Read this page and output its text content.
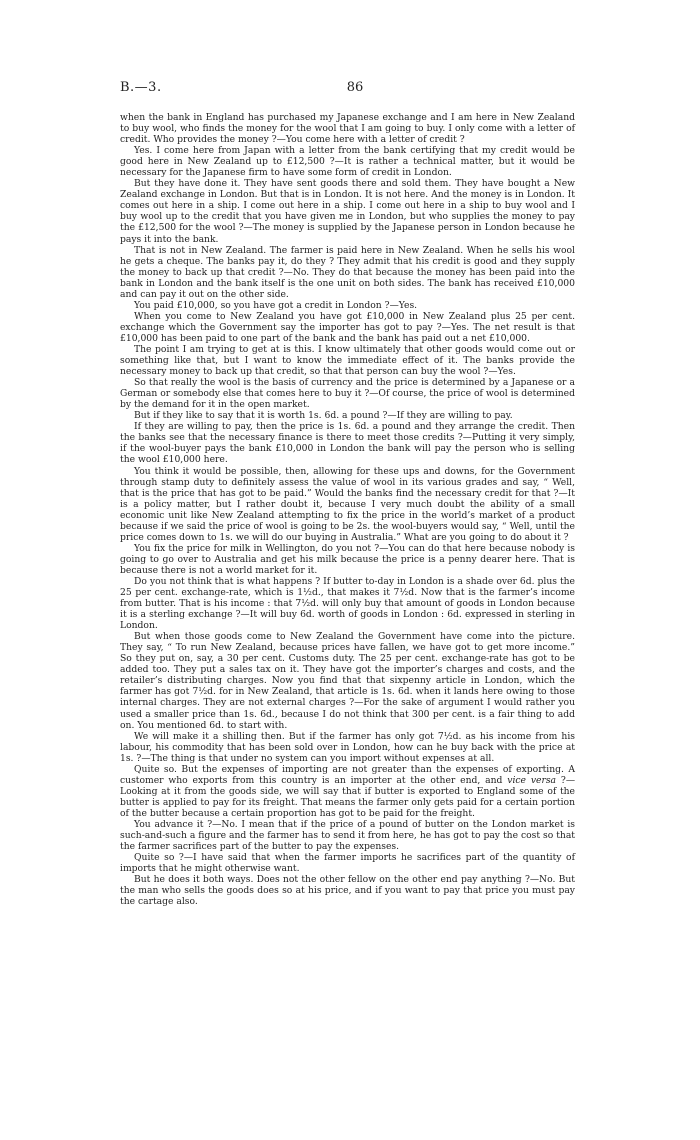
B.—3.	86

when the bank in England has purchased my Japanese exchange and I am here in New Zealand to buy wool, who finds the money for the wool that I am going to buy. I only come with a letter of credit. Who provides the money ?—You come here with a letter of credit ?

Yes. I come here from Japan with a letter from the bank certifying that my credit would be good here in New Zealand up to £12,500 ?—It is rather a technical matter, but it would be necessary for the Japanese firm to have some form of credit in London.

But they have done it. They have sent goods there and sold them. They have bought a New Zealand exchange in London. But that is in London. It is not here. And the money is in London. It comes out here in a ship. I come out here in a ship. I come out here in a ship to buy wool and I buy wool up to the credit that you have given me in London, but who supplies the money to pay the £12,500 for the wool ?—The money is supplied by the Japanese person in London because he pays it into the bank.

That is not in New Zealand. The farmer is paid here in New Zealand. When he sells his wool he gets a cheque. The banks pay it, do they ? They admit that his credit is good and they supply the money to back up that credit ?—No. They do that because the money has been paid into the bank in London and the bank itself is the one unit on both sides. The bank has received £10,000 and can pay it out on the other side.

You paid £10,000, so you have got a credit in London ?—Yes.

When you come to New Zealand you have got £10,000 in New Zealand plus 25 per cent. exchange which the Government say the importer has got to pay ?—Yes. The net result is that £10,000 has been paid to one part of the bank and the bank has paid out a net £10,000.

The point I am trying to get at is this. I know ultimately that other goods would come out or something like that, but I want to know the immediate effect of it. The banks provide the necessary money to back up that credit, so that that person can buy the wool ?—Yes.

So that really the wool is the basis of currency and the price is determined by a Japanese or a German or somebody else that comes here to buy it ?—Of course, the price of wool is determined by the demand for it in the open market.

But if they like to say that it is worth 1s. 6d. a pound ?—If they are willing to pay.

If they are willing to pay, then the price is 1s. 6d. a pound and they arrange the credit. Then the banks see that the necessary finance is there to meet those credits ?—Putting it very simply, if the wool-buyer pays the bank £10,000 in London the bank will pay the person who is selling the wool £10,000 here.

You think it would be possible, then, allowing for these ups and downs, for the Government through stamp duty to definitely assess the value of wool in its various grades and say, “ Well, that is the price that has got to be paid.” Would the banks find the necessary credit for that ?—It is a policy matter, but I rather doubt it, because I very much doubt the ability of a small economic unit like New Zealand attempting to fix the price in the world’s market of a product because if we said the price of wool is going to be 2s. the wool-buyers would say, “ Well, until the price comes down to 1s. we will do our buying in Australia.” What are you going to do about it ?

You fix the price for milk in Wellington, do you not ?—You can do that here because nobody is going to go over to Australia and get his milk because the price is a penny dearer here. That is because there is not a world market for it.

Do you not think that is what happens ? If butter to-day in London is a shade over 6d. plus the 25 per cent. exchange-rate, which is 1½d., that makes it 7½d. Now that is the farmer’s income from butter. That is his income : that 7½d. will only buy that amount of goods in London because it is a sterling exchange ?—It will buy 6d. worth of goods in London : 6d. expressed in sterling in London.

But when those goods come to New Zealand the Government have come into the picture. They say, “ To run New Zealand, because prices have fallen, we have got to get more income.” So they put on, say, a 30 per cent. Customs duty. The 25 per cent. exchange-rate has got to be added too. They put a sales tax on it. They have got the importer’s charges and costs, and the retailer’s distributing charges. Now you find that that sixpenny article in London, which the farmer has got 7½d. for in New Zealand, that article is 1s. 6d. when it lands here owing to those internal charges. They are not external charges ?—For the sake of argument I would rather you used a smaller price than 1s. 6d., because I do not think that 300 per cent. is a fair thing to add on. You mentioned 6d. to start with.

We will make it a shilling then. But if the farmer has only got 7½d. as his income from his labour, his commodity that has been sold over in London, how can he buy back with the price at 1s. ?—The thing is that under no system can you import without expenses at all.

Quite so. But the expenses of importing are not greater than the expenses of exporting. A customer who exports from this country is an importer at the other end, and vice versa ?—Looking at it from the goods side, we will say that if butter is exported to England some of the butter is applied to pay for its freight. That means the farmer only gets paid for a certain portion of the butter because a certain proportion has got to be paid for the freight.

You advance it ?—No. I mean that if the price of a pound of butter on the London market is such-and-such a figure and the farmer has to send it from here, he has got to pay the cost so that the farmer sacrifices part of the butter to pay the expenses.

Quite so ?—I have said that when the farmer imports he sacrifices part of the quantity of imports that he might otherwise want.

But he does it both ways. Does not the other fellow on the other end pay anything ?—No. But the man who sells the goods does so at his price, and if you want to pay that price you must pay the cartage also.
